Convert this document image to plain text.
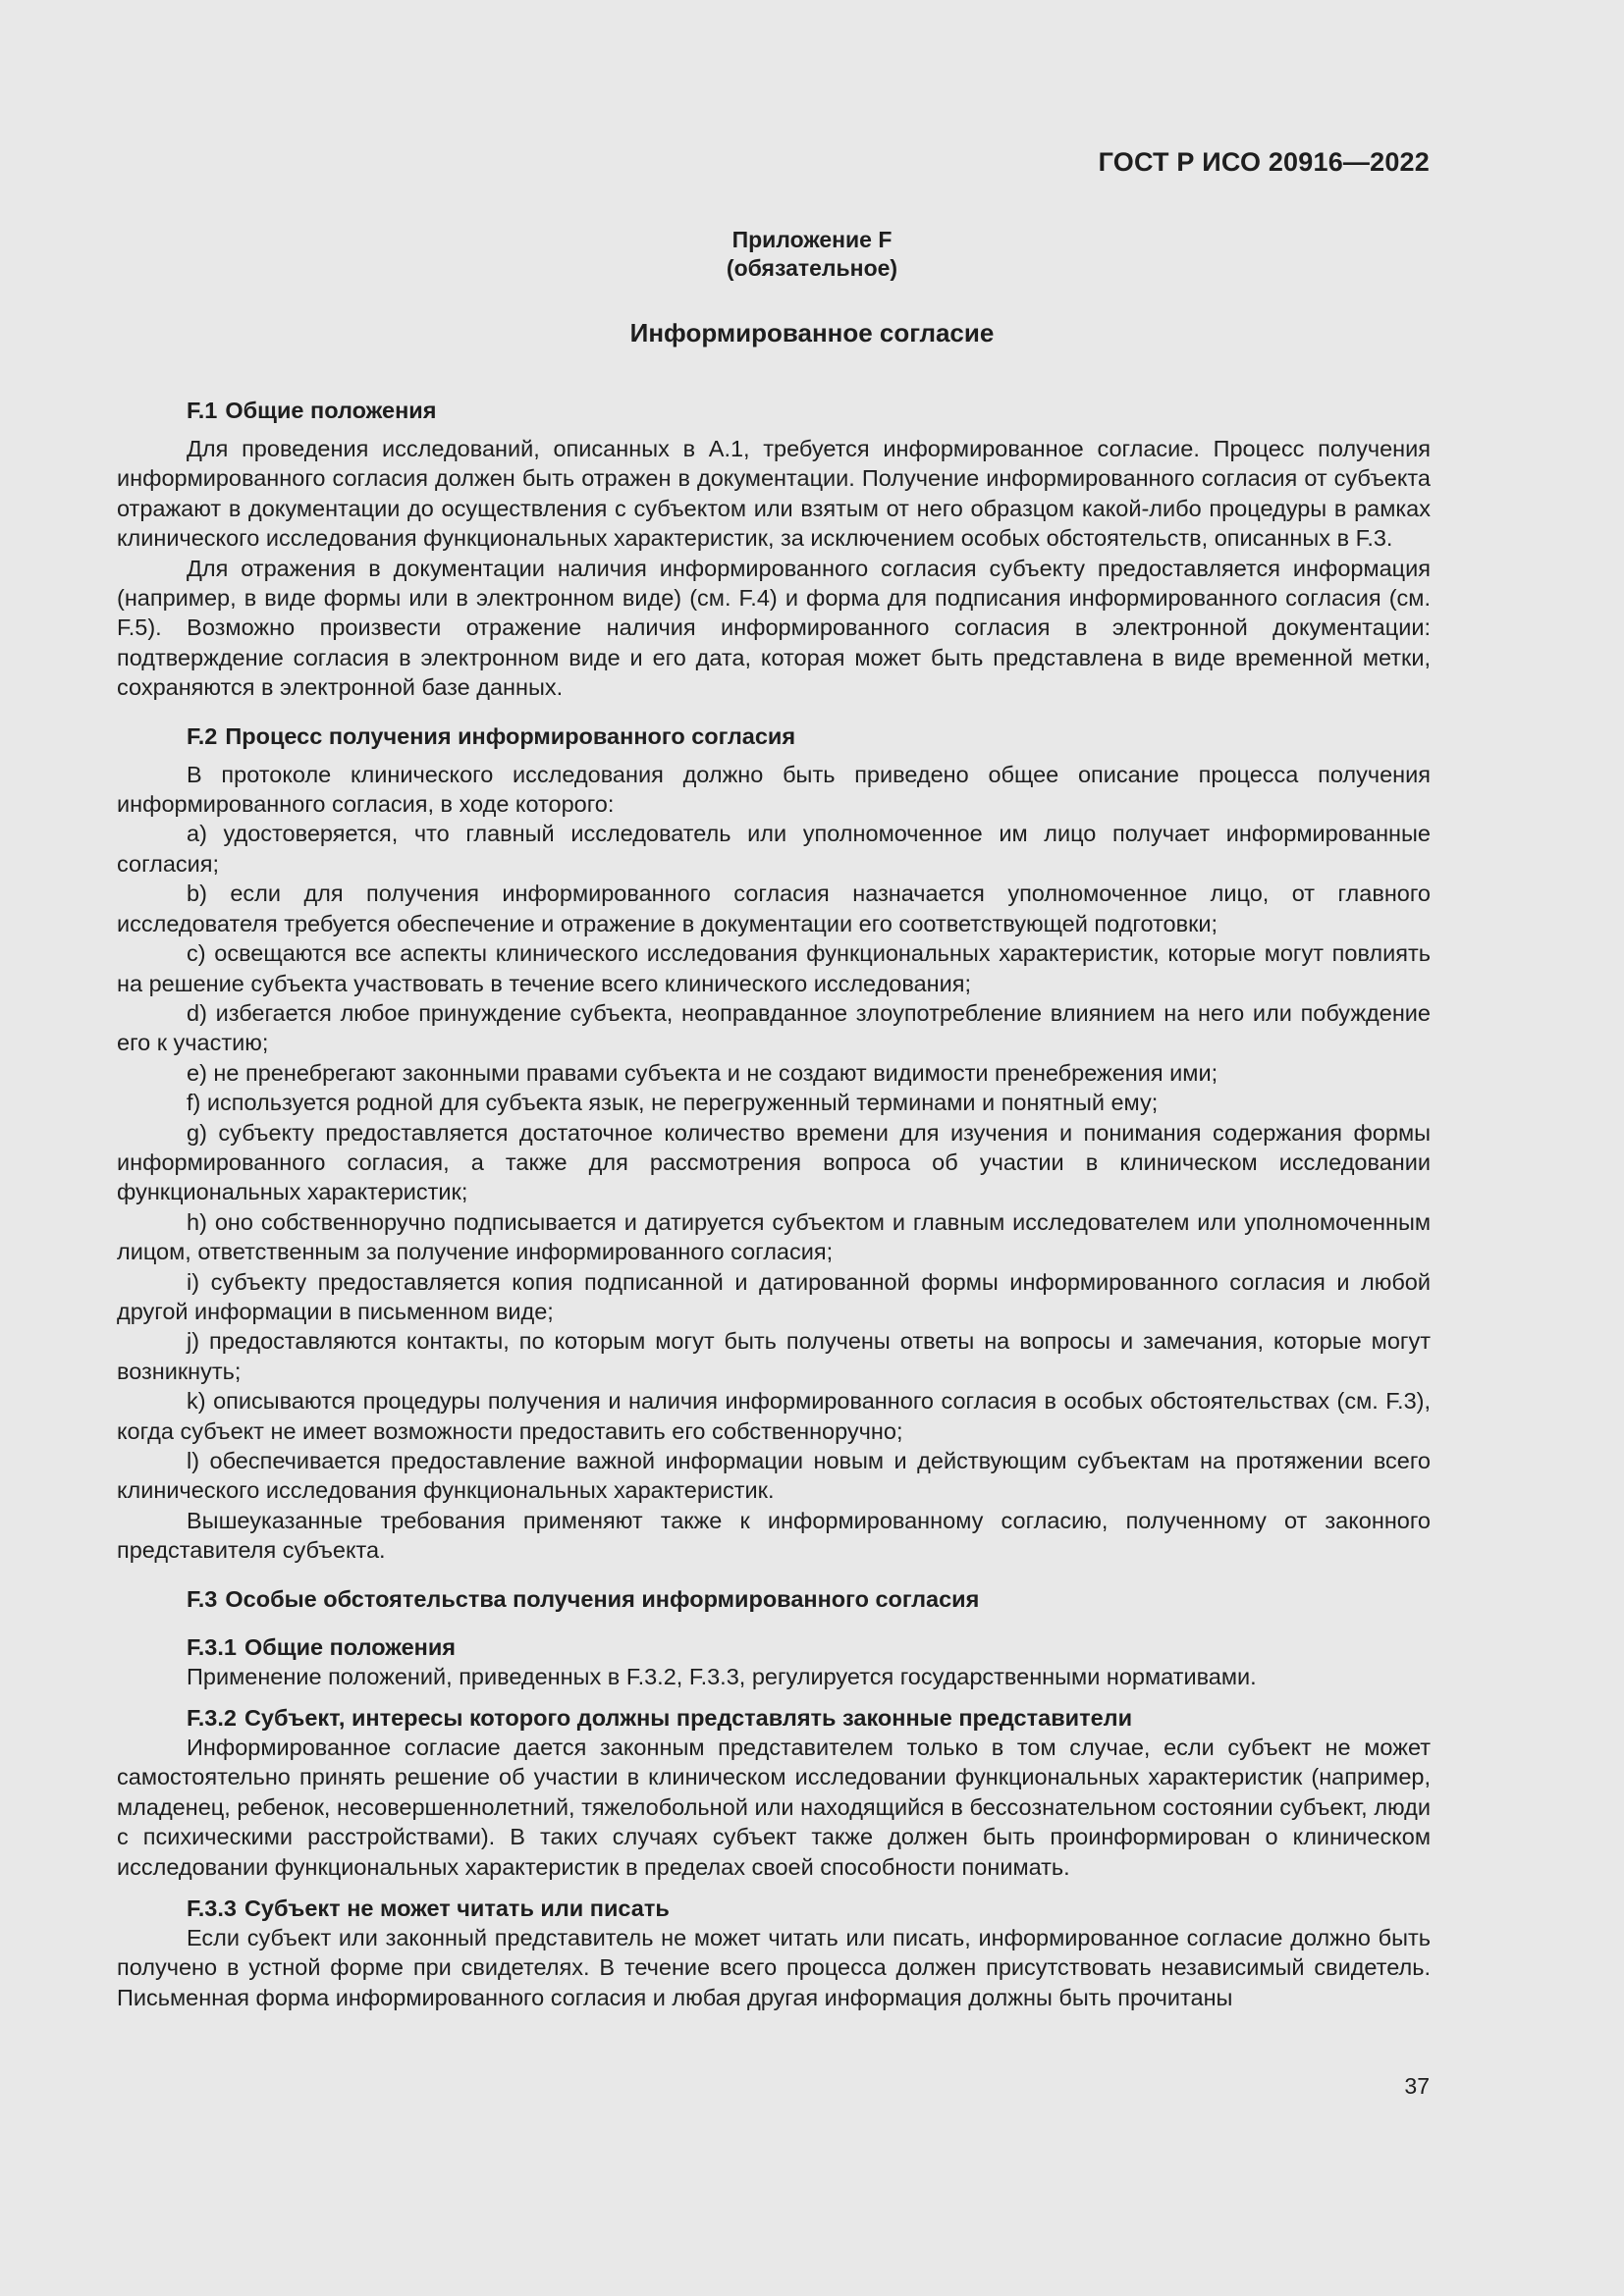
ГОСТ Р ИСО 20916—2022
Приложение F
(обязательное)
Информированное согласие
F.1 Общие положения

Для проведения исследований, описанных в А.1, требуется информированное согласие. Процесс получения информированного согласия должен быть отражен в документации. Получение информированного согласия от субъекта отражают в документации до осуществления с субъектом или взятым от него образцом какой-либо процедуры в рамках клинического исследования функциональных характеристик, за исключением особых обстоятельств, описанных в F.3.

Для отражения в документации наличия информированного согласия субъекту предоставляется информация (например, в виде формы или в электронном виде) (см. F.4) и форма для подписания информированного согласия (см. F.5). Возможно произвести отражение наличия информированного согласия в электронной документации: подтверждение согласия в электронном виде и его дата, которая может быть представлена в виде временной метки, сохраняются в электронной базе данных.

F.2 Процесс получения информированного согласия

В протоколе клинического исследования должно быть приведено общее описание процесса получения информированного согласия, в ходе которого:

a) удостоверяется, что главный исследователь или уполномоченное им лицо получает информированные согласия;

b) если для получения информированного согласия назначается уполномоченное лицо, от главного исследователя требуется обеспечение и отражение в документации его соответствующей подготовки;

c) освещаются все аспекты клинического исследования функциональных характеристик, которые могут повлиять на решение субъекта участвовать в течение всего клинического исследования;

d) избегается любое принуждение субъекта, неоправданное злоупотребление влиянием на него или побуждение его к участию;

e) не пренебрегают законными правами субъекта и не создают видимости пренебрежения ими;

f) используется родной для субъекта язык, не перегруженный терминами и понятный ему;

g) субъекту предоставляется достаточное количество времени для изучения и понимания содержания формы информированного согласия, а также для рассмотрения вопроса об участии в клиническом исследовании функциональных характеристик;

h) оно собственноручно подписывается и датируется субъектом и главным исследователем или уполномоченным лицом, ответственным за получение информированного согласия;

i) субъекту предоставляется копия подписанной и датированной формы информированного согласия и любой другой информации в письменном виде;

j) предоставляются контакты, по которым могут быть получены ответы на вопросы и замечания, которые могут возникнуть;

k) описываются процедуры получения и наличия информированного согласия в особых обстоятельствах (см. F.3), когда субъект не имеет возможности предоставить его собственноручно;

l) обеспечивается предоставление важной информации новым и действующим субъектам на протяжении всего клинического исследования функциональных характеристик.

Вышеуказанные требования применяют также к информированному согласию, полученному от законного представителя субъекта.

F.3 Особые обстоятельства получения информированного согласия
F.3.1 Общие положения

Применение положений, приведенных в F.3.2, F.3.3, регулируется государственными нормативами.

F.3.2 Субъект, интересы которого должны представлять законные представители

Информированное согласие дается законным представителем только в том случае, если субъект не может самостоятельно принять решение об участии в клиническом исследовании функциональных характеристик (например, младенец, ребенок, несовершеннолетний, тяжелобольной или находящийся в бессознательном состоянии субъект, люди с психическими расстройствами). В таких случаях субъект также должен быть проинформирован о клиническом исследовании функциональных характеристик в пределах своей способности понимать.

F.3.3 Субъект не может читать или писать

Если субъект или законный представитель не может читать или писать, информированное согласие должно быть получено в устной форме при свидетелях. В течение всего процесса должен присутствовать независимый свидетель. Письменная форма информированного согласия и любая другая информация должны быть прочитаны

37
